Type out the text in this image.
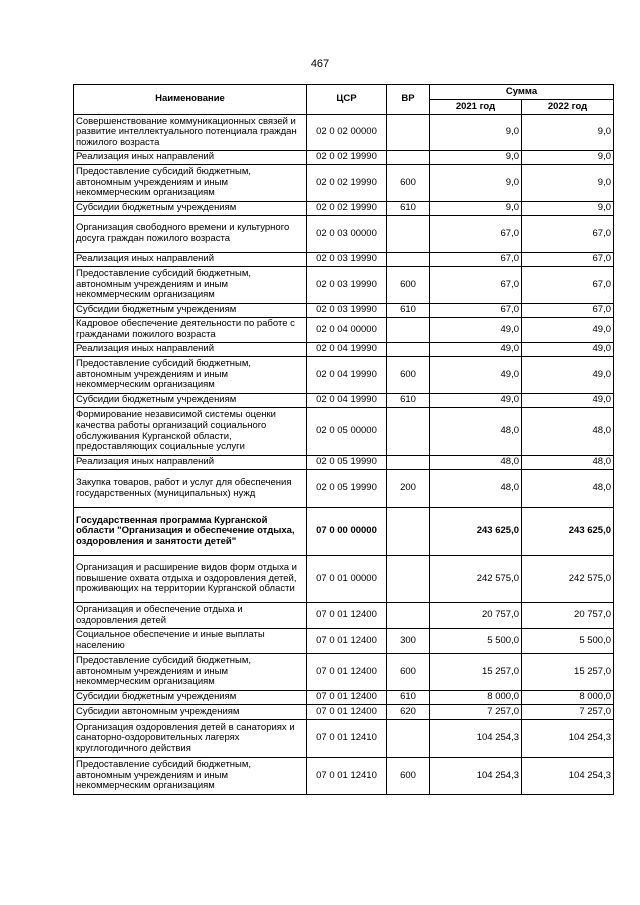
467
Наименование	ЦСР	ВР	Сумма	
			2021 год	2022 год
Совершенствование коммуникационных связей и развитие интеллектуального потенциала граждан пожилого возраста	02 0 02 00000		9,0	9,0
Реализация иных направлений	02 0 02 19990		9,0	9,0
Предоставление субсидий бюджетным, автономным учреждениям и иным некоммерческим организациям	02 0 02 19990	600	9,0	9,0
Субсидии бюджетным учреждениям	02 0 02 19990	610	9,0	9,0
Организация свободного времени и культурного досуга граждан пожилого возраста	02 0 03 00000		67,0	67,0
Реализация иных направлений	02 0 03 19990		67,0	67,0
Предоставление субсидий бюджетным, автономным учреждениям и иным некоммерческим организациям	02 0 03 19990	600	67,0	67,0
Субсидии бюджетным учреждениям	02 0 03 19990	610	67,0	67,0
Кадровое обеспечение деятельности по работе с гражданами пожилого возраста	02 0 04 00000		49,0	49,0
Реализация иных направлений	02 0 04 19990		49,0	49,0
Предоставление субсидий бюджетным, автономным учреждениям и иным некоммерческим организациям	02 0 04 19990	600	49,0	49,0
Субсидии бюджетным учреждениям	02 0 04 19990	610	49,0	49,0
Формирование независимой системы оценки качества работы организаций социального обслуживания Курганской области, предоставляющих социальные услуги	02 0 05 00000		48,0	48,0
Реализация иных направлений	02 0 05 19990		48,0	48,0
Закупка товаров, работ и услуг для обеспечения государственных (муниципальных) нужд	02 0 05 19990	200	48,0	48,0
Государственная программа Курганской области "Организация и обеспечение отдыха, оздоровления и занятости детей"	07 0 00 00000		243 625,0	243 625,0
Организация и расширение видов форм отдыха и повышение охвата отдыха и оздоровления детей, проживающих на территории Курганской области	07 0 01 00000		242 575,0	242 575,0
Организация и обеспечение отдыха и оздоровления детей	07 0 01 12400		20 757,0	20 757,0
Социальное обеспечение и иные выплаты населению	07 0 01 12400	300	5 500,0	5 500,0
Предоставление субсидий бюджетным, автономным учреждениям и иным некоммерческим организациям	07 0 01 12400	600	15 257,0	15 257,0
Субсидии бюджетным учреждениям	07 0 01 12400	610	8 000,0	8 000,0
Субсидии автономным учреждениям	07 0 01 12400	620	7 257,0	7 257,0
Организация оздоровления детей в санаториях и санаторно-оздоровительных лагерях круглогодичного действия	07 0 01 12410		104 254,3	104 254,3
Предоставление субсидий бюджетным, автономным учреждениям и иным некоммерческим организациям	07 0 01 12410	600	104 254,3	104 254,3
